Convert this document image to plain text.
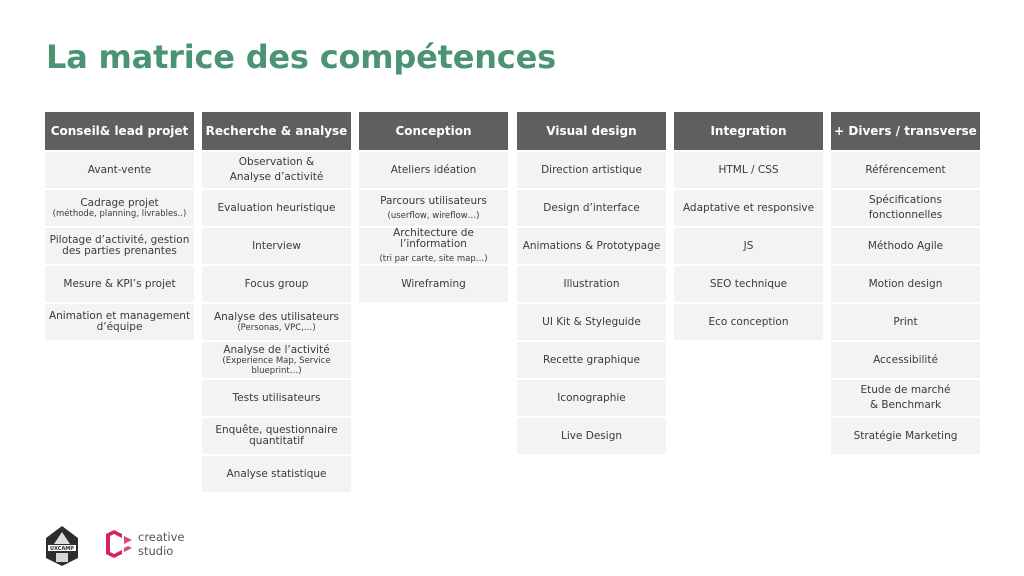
La matrice des compétences
Conseil & lead projet
Avant-vente
Cadrage projet
(méthode, planning, livrables..)
Pilotage d’activité, gestion
des parties prenantes
Mesure & KPI’s projet
Animation et management
d’équipe
Recherche & analyse
Observation &
Analyse d’activité
Evaluation heuristique
Interview
Focus group
Analyse des utilisateurs
(Personas, VPC,…)
Analyse de l’activité
(Experience Map, Service blueprint…)
Tests utilisateurs
Enquête, questionnaire
quantitatif
Analyse statistique
Conception
Ateliers idéation
Parcours utilisateurs
(userflow, wireflow…)
Architecture de l’information
(tri par carte, site map…)
Wireframing
Visual design
Direction artistique
Design d’interface
Animations & Prototypage
Illustration
UI Kit & Styleguide
Recette graphique
Iconographie
Live Design
Integration
HTML / CSS
Adaptative et responsive
JS
SEO technique
Eco conception
+ Divers / transverse
Référencement
Spécifications
fonctionnelles
Méthodo Agile
Motion design
Print
Accessibilité
Etude de marché
& Benchmark
Stratégie Marketing
UXCAMP
creative
studio
